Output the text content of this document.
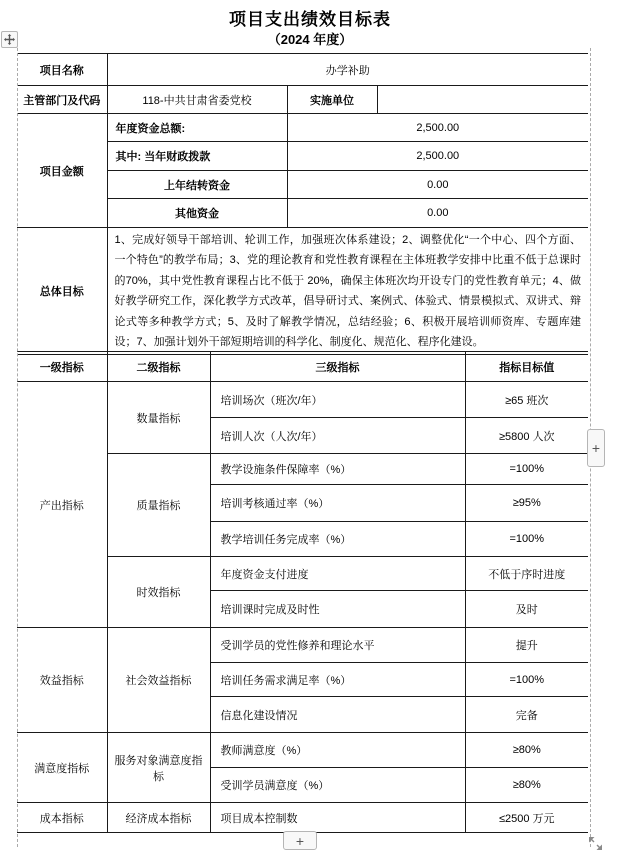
项目支出绩效目标表
（2024 年度）
项目名称	办学补助		
主管部门及代码	118-中共甘肃省委党校	实施单位	
项目金额	年度资金总额:	2,500.00	
	其中: 当年财政拨款	2,500.00	
	上年结转资金	0.00	
	其他资金	0.00	
总体目标	1、完成好领导干部培训、轮训工作，加强班次体系建设；2、调整优化“一个中心、四个方面、一个特色”的教学布局；3、党的理论教育和党性教育课程在主体班教学安排中比重不低于总课时的70%，其中党性教育课程占比不低于 20%，确保主体班次均开设专门的党性教育单元；4、做好教学研究工作，深化教学方式改革，倡导研讨式、案例式、体验式、情景模拟式、双讲式、辩论式等多种教学方式；5、及时了解教学情况，总结经验；6、积极开展培训师资库、专题库建设；7、加强计划外干部短期培训的科学化、制度化、规范化、程序化建设。		
一级指标	二级指标	三级指标	指标目标值
产出指标	数量指标	培训场次（班次/年）	≥65 班次
		培训人次（人次/年）	≥5800 人次
	质量指标	教学设施条件保障率（%）	=100%
		培训考核通过率（%）	≥95%
		教学培训任务完成率（%）	=100%
	时效指标	年度资金支付进度	不低于序时进度
		培训课时完成及时性	及时
效益指标	社会效益指标	受训学员的党性修养和理论水平	提升
		培训任务需求满足率（%）	=100%
		信息化建设情况	完备
满意度指标	服务对象满意度指标	教师满意度（%）	≥80%
		受训学员满意度（%）	≥80%
成本指标	经济成本指标	项目成本控制数	≤2500 万元
+
+
